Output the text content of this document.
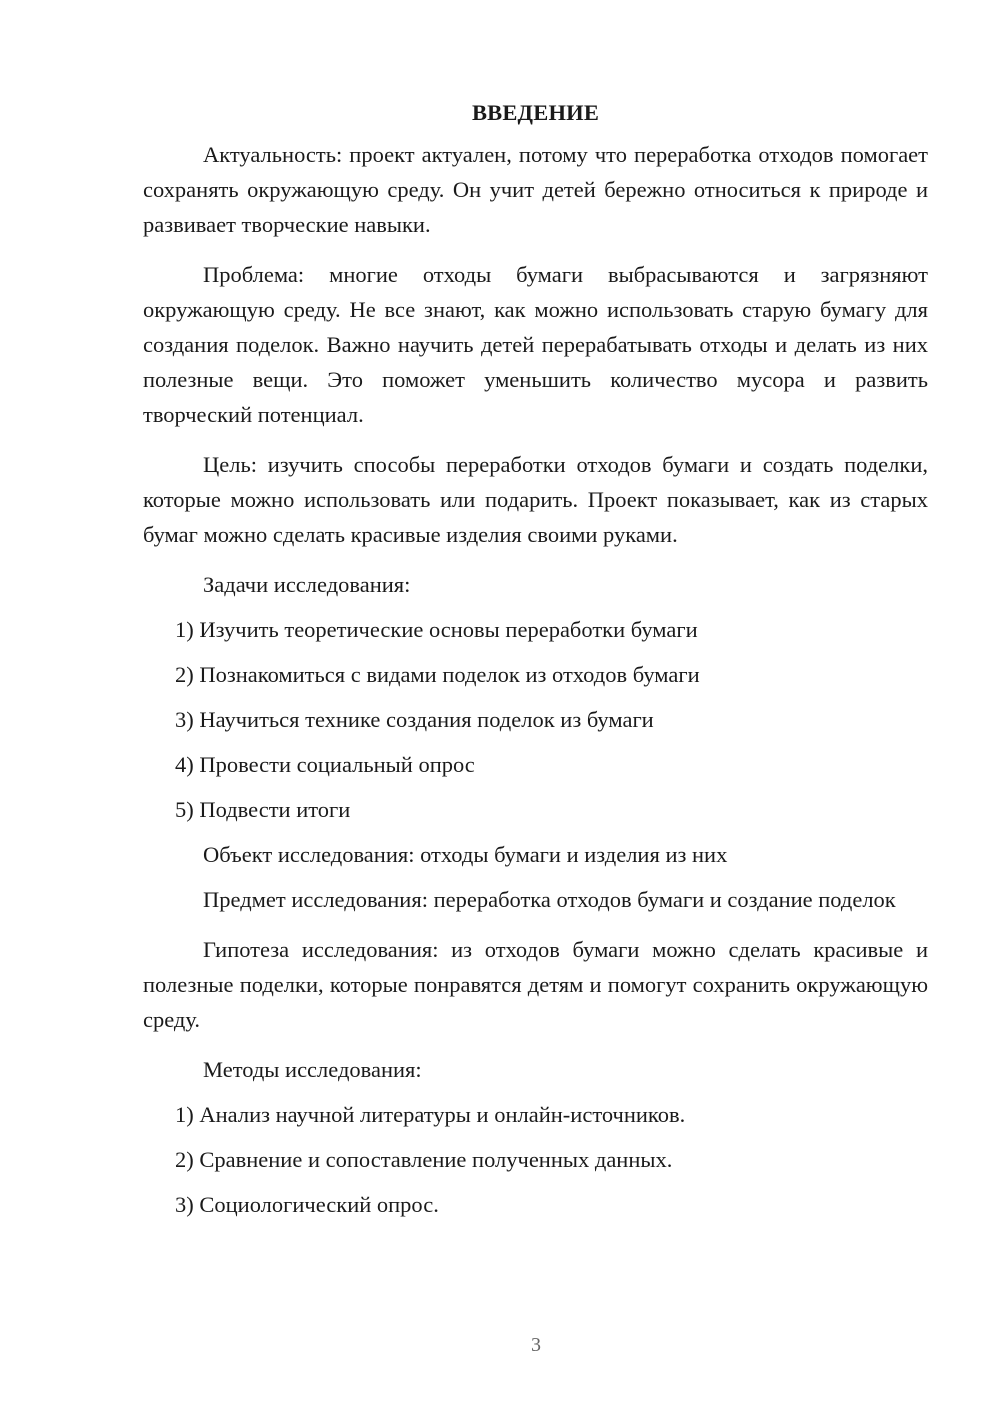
ВВЕДЕНИЕ

Актуальность: проект актуален, потому что переработка отходов помогает сохранять окружающую среду. Он учит детей бережно относиться к природе и развивает творческие навыки.

Проблема: многие отходы бумаги выбрасываются и загрязняют окружающую среду. Не все знают, как можно использовать старую бумагу для создания поделок. Важно научить детей перерабатывать отходы и делать из них полезные вещи. Это поможет уменьшить количество мусора и развить творческий потенциал.

Цель: изучить способы переработки отходов бумаги и создать поделки, которые можно использовать или подарить. Проект показывает, как из старых бумаг можно сделать красивые изделия своими руками.

Задачи исследования:
1) Изучить теоретические основы переработки бумаги
2) Познакомиться с видами поделок из отходов бумаги
3) Научиться технике создания поделок из бумаги
4) Провести социальный опрос
5) Подвести итоги
Объект исследования: отходы бумаги и изделия из них

Предмет исследования: переработка отходов бумаги и создание поделок

Гипотеза исследования: из отходов бумаги можно сделать красивые и полезные поделки, которые понравятся детям и помогут сохранить окружающую среду.

Методы исследования:
1) Анализ научной литературы и онлайн-источников.
2) Сравнение и сопоставление полученных данных.
3) Социологический опрос.
3
